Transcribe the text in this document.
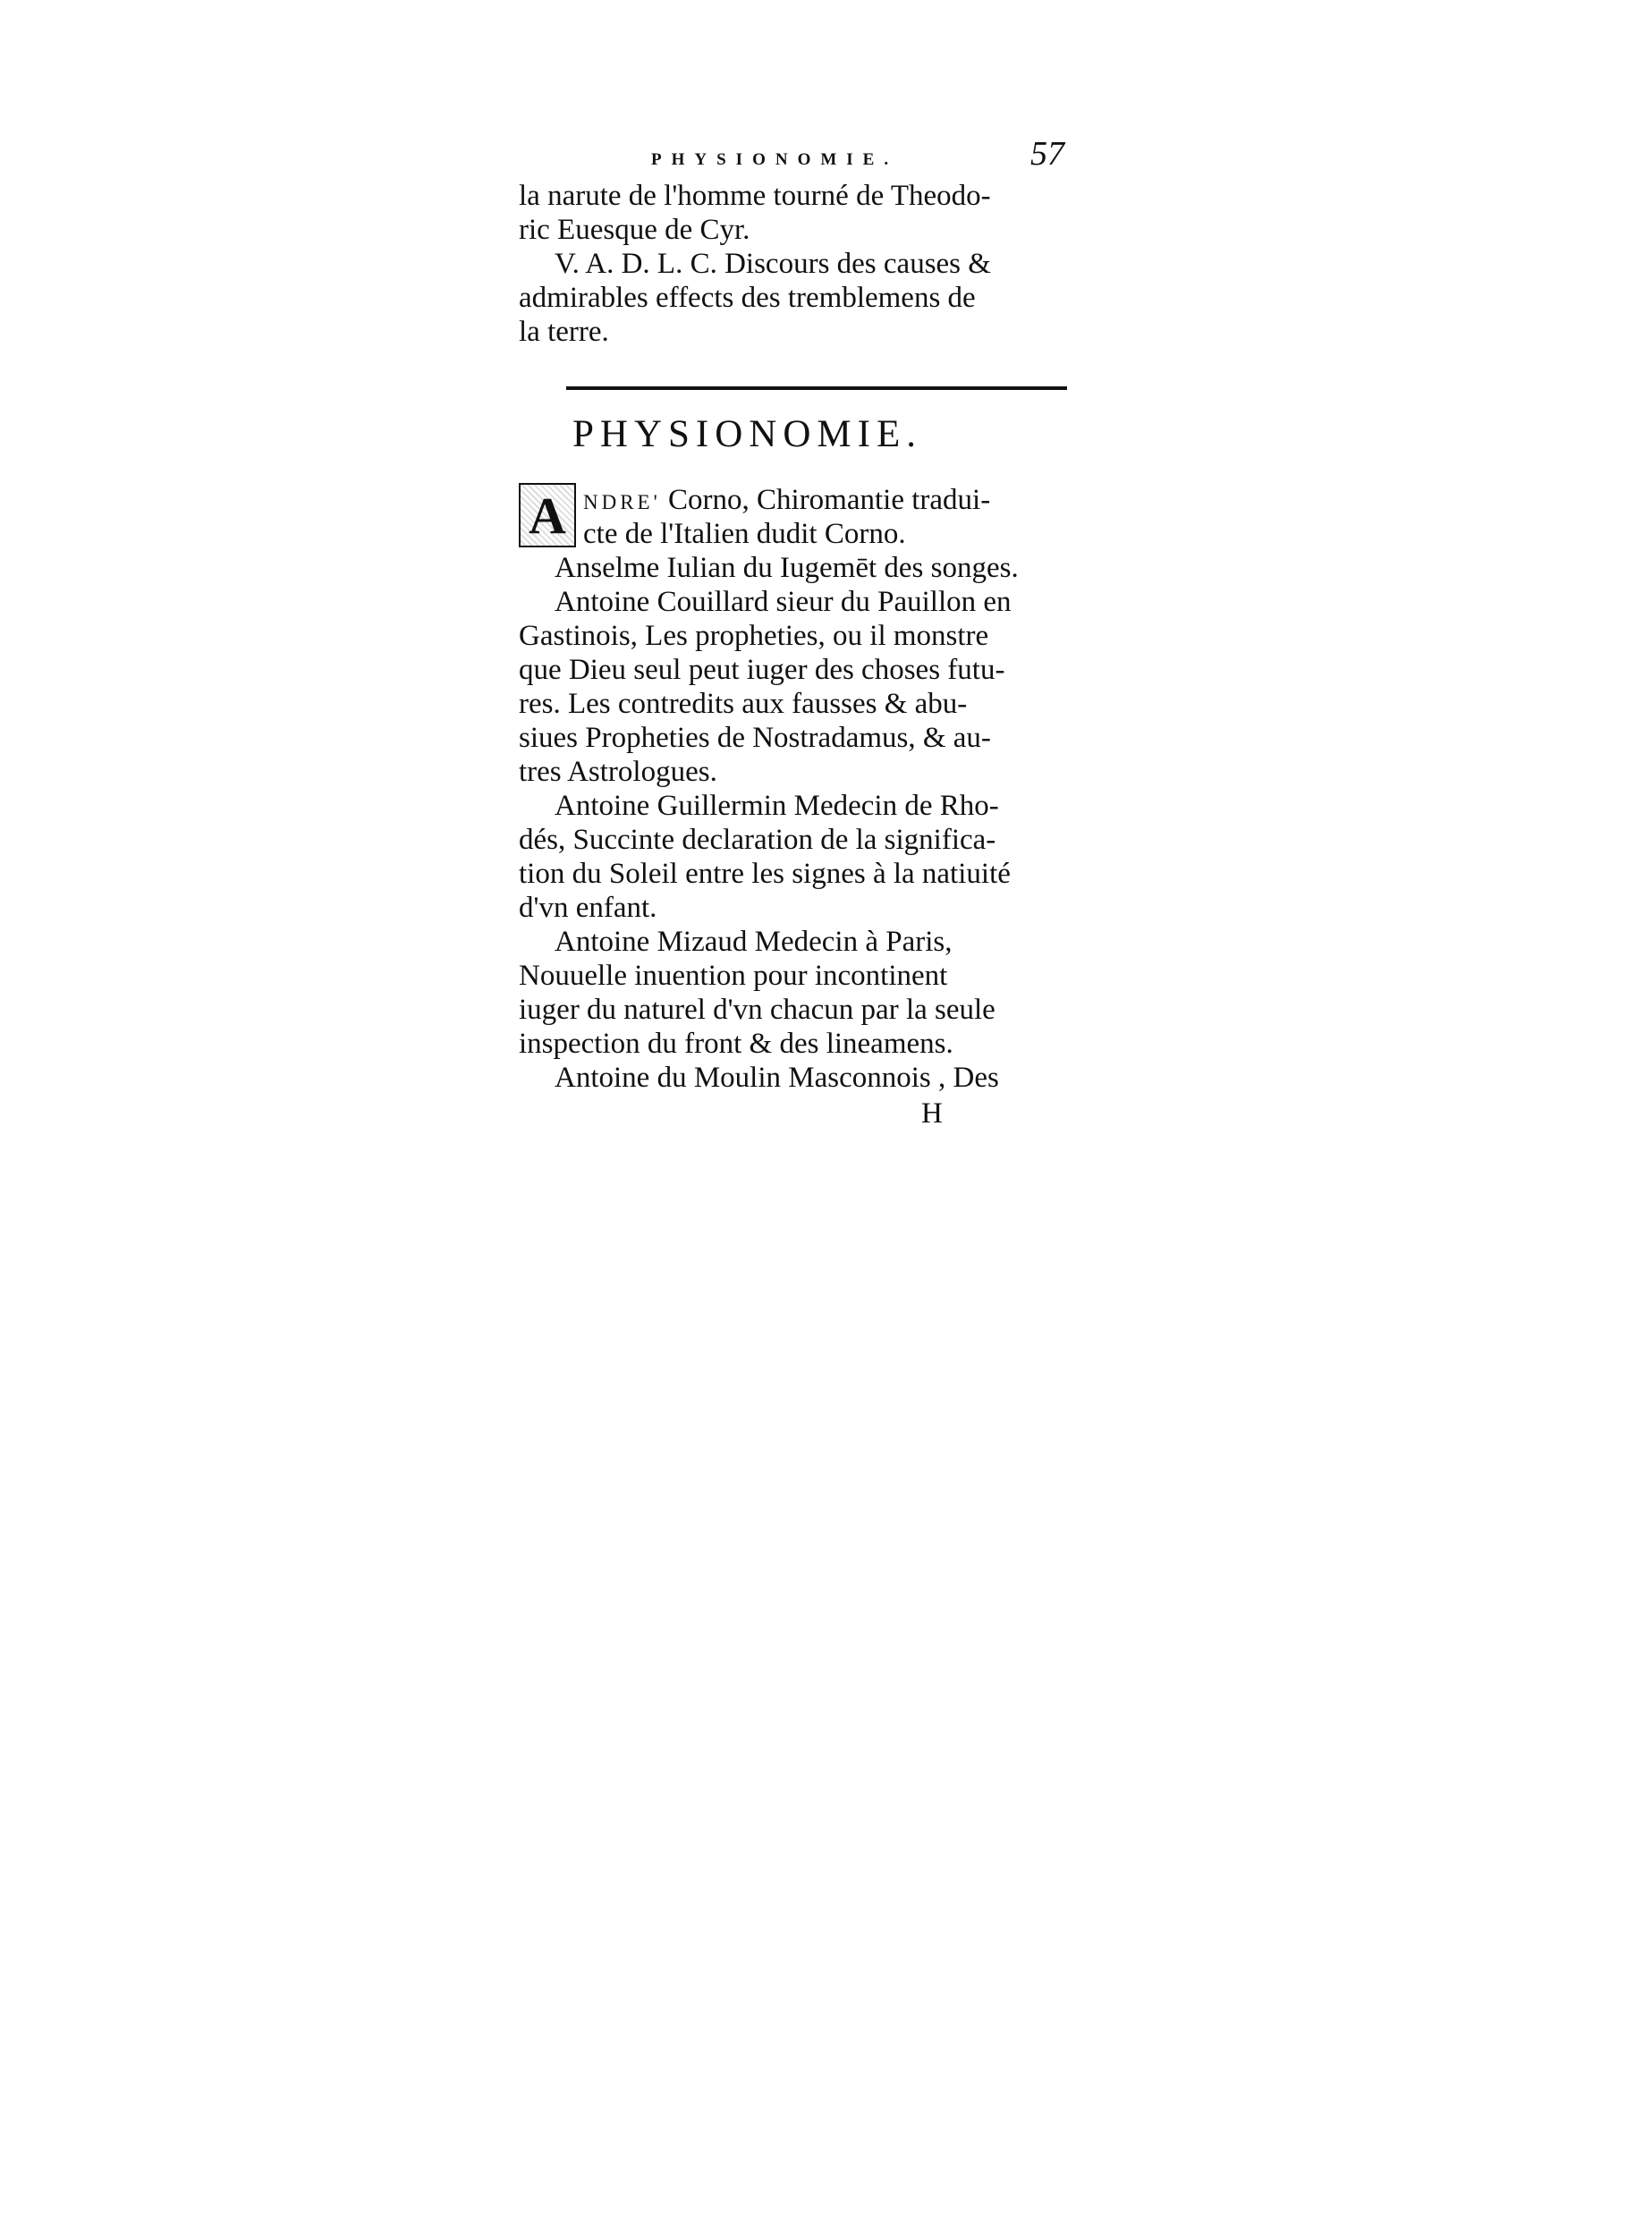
PHYSIONOMIE.	57
la narute de l'homme tourné de Theodo-
ric Euesque de Cyr.
V. A. D. L. C. Discours des causes &
admirables effects des tremblemens de
la terre.
PHYSIONOMIE.
A NDRE' Corno, Chiromantie tradui-
cte de l'Italien dudit Corno.
Anselme Iulian du Iugemēt des songes.
Antoine Couillard sieur du Pauillon en
Gastinois, Les propheties, ou il monstre
que Dieu seul peut iuger des choses futu-
res. Les contredits aux fausses & abu-
siues Propheties de Nostradamus, & au-
tres Astrologues.
Antoine Guillermin Medecin de Rho-
dés, Succinte declaration de la significa-
tion du Soleil entre les signes à la natiuité
d'vn enfant.
Antoine Mizaud Medecin à Paris,
Nouuelle inuention pour incontinent
iuger du naturel d'vn chacun par la seule
inspection du front & des lineamens.
Antoine du Moulin Masconnois , Des
H
